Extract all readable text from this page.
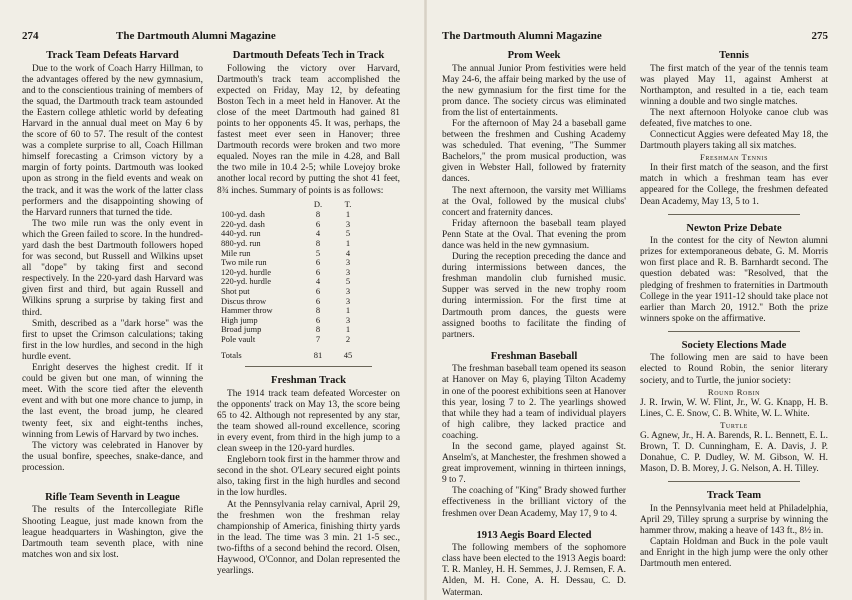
274	The Dartmouth Alumni Magazine
Track Team Defeats Harvard

Due to the work of Coach Harry Hillman, to the advantages offered by the new gymnasium, and to the conscientious training of members of the squad, the Dartmouth track team astounded the Eastern college athletic world by defeating Harvard in the annual dual meet on May 6 by the score of 60 to 57. The result of the contest was a complete surprise to all, Coach Hillman himself forecasting a Crimson victory by a margin of forty points. Dartmouth was looked upon as strong in the field events and weak on the track, and it was the work of the latter class performers and the disappointing showing of the Harvard runners that turned the tide.

The two mile run was the only event in which the Green failed to score. In the hundred-yard dash the best Dartmouth followers hoped for was second, but Russell and Wilkins upset all "dope" by taking first and second respectively. In the 220-yard dash Harvard was given first and third, but again Russell and Wilkins sprung a surprise by taking first and third.

Smith, described as a "dark horse" was the first to upset the Crimson calculations; taking first in the low hurdles, and second in the high hurdle event.

Enright deserves the highest credit. If it could be given but one man, of winning the meet. With the score tied after the eleventh event and with but one more chance to jump, in the last event, the broad jump, he cleared twenty feet, six and eight-tenths inches, winning from Lewis of Harvard by two inches.

The victory was celebrated in Hanover by the usual bonfire, speeches, snake-dance, and procession.

Rifle Team Seventh in League

The results of the Intercollegiate Rifle Shooting League, just made known from the league headquarters in Washington, give the Dartmouth team seventh place, with nine matches won and six lost.

Dartmouth Defeats Tech in Track

Following the victory over Harvard, Dartmouth's track team accomplished the expected on Friday, May 12, by defeating Boston Tech in a meet held in Hanover. At the close of the meet Dartmouth had gained 81 points to her opponents 45. It was, perhaps, the fastest meet ever seen in Hanover; three Dartmouth records were broken and two more equaled. Noyes ran the mile in 4.28, and Ball the two mile in 10.4 2-5; while Lovejoy broke another local record by putting the shot 41 feet, 8¾ inches. Summary of points is as follows:

	D.	T.
100-yd. dash	8	1
220-yd. dash	6	3
440-yd. run	4	5
880-yd. run	8	1
Mile run	5	4
Two mile run	6	3
120-yd. hurdle	6	3
220-yd. hurdle	4	5
Shot put	6	3
Discus throw	6	3
Hammer throw	8	1
High jump	6	3
Broad jump	8	1
Pole vault	7	2
Totals	81	45
Freshman Track

The 1914 track team defeated Worcester on the opponents' track on May 13, the score being 65 to 42. Although not represented by any star, the team showed all-round excellence, scoring in every event, from third in the high jump to a clean sweep in the 120-yard hurdles.

Engleborn took first in the hammer throw and second in the shot. O'Leary secured eight points also, taking first in the high hurdles and second in the low hurdles.

At the Pennsylvania relay carnival, April 29, the freshmen won the freshman relay championship of America, finishing thirty yards in the lead. The time was 3 min. 21 1-5 sec., two-fifths of a second behind the record. Olsen, Haywood, O'Connor, and Dolan represented the yearlings.

The Dartmouth Alumni Magazine	275
Prom Week

The annual Junior Prom festivities were held May 24-6, the affair being marked by the use of the new gymnasium for the first time for the prom dance. The society circus was eliminated from the list of entertainments.

For the afternoon of May 24 a baseball game between the freshmen and Cushing Academy was scheduled. That evening, "The Summer Bachelors," the prom musical production, was given in Webster Hall, followed by fraternity dances.

The next afternoon, the varsity met Williams at the Oval, followed by the musical clubs' concert and fraternity dances.

Friday afternoon the baseball team played Penn State at the Oval. That evening the prom dance was held in the new gymnasium.

During the reception preceding the dance and during intermissions between dances, the freshman mandolin club furnished music. Supper was served in the new trophy room during intermission. For the first time at Dartmouth prom dances, the guests were assigned booths to facilitate the finding of partners.

Freshman Baseball

The freshman baseball team opened its season at Hanover on May 6, playing Tilton Academy in one of the poorest exhibitions seen at Hanover this year, losing 7 to 2. The yearlings showed that while they had a team of individual players of high calibre, they lacked practice and coaching.

In the second game, played against St. Anselm's, at Manchester, the freshmen showed a great improvement, winning in thirteen innings, 9 to 7.

The coaching of "King" Brady showed further effectiveness in the brilliant victory of the freshmen over Dean Academy, May 17, 9 to 4.

1913 Aegis Board Elected

The following members of the sophomore class have been elected to the 1913 Aegis board: T. R. Manley, H. H. Semmes, J. J. Remsen, F. A. Alden, M. H. Cone, A. H. Dessau, C. D. Waterman.

Tennis

The first match of the year of the tennis team was played May 11, against Amherst at Northampton, and resulted in a tie, each team winning a double and two single matches.

The next afternoon Holyoke canoe club was defeated, five matches to one.

Connecticut Aggies were defeated May 18, the Dartmouth players taking all six matches.

Freshman Tennis

In their first match of the season, and the first match in which a freshman team has ever appeared for the College, the freshmen defeated Dean Academy, May 13, 5 to 1.

Newton Prize Debate

In the contest for the city of Newton alumni prizes for extemporaneous debate, G. M. Morris won first place and R. B. Barnhardt second. The question debated was: "Resolved, that the pledging of freshmen to fraternities in Dartmouth College in the year 1911-12 should take place not earlier than March 20, 1912." Both the prize winners spoke on the affirmative.

Society Elections Made

The following men are said to have been elected to Round Robin, the senior literary society, and to Turtle, the junior society:

Round Robin

J. R. Irwin, W. W. Flint, Jr., W. G. Knapp, H. B. Lines, C. E. Snow, C. B. White, W. L. White.

Turtle

G. Agnew, Jr., H. A. Barends, R. L. Bennett, E. L. Brown, T. D. Cunningham, E. A. Davis, J. P. Donahue, C. P. Dudley, W. M. Gibson, W. H. Mason, D. B. Morey, J. G. Nelson, A. H. Tilley.

Track Team

In the Pennsylvania meet held at Philadelphia, April 29, Tilley sprung a surprise by winning the hammer throw, making a heave of 143 ft., 8½ in.

Captain Holdman and Buck in the pole vault and Enright in the high jump were the only other Dartmouth men entered.
